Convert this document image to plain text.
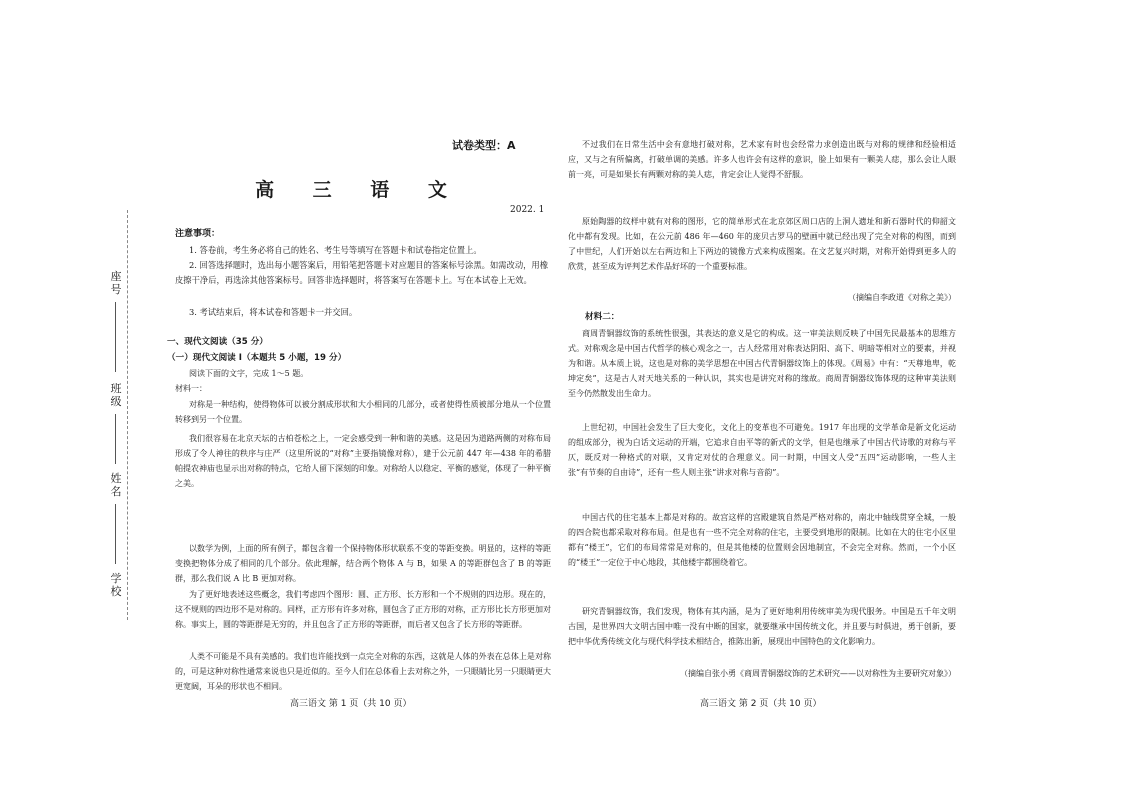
座号
班级
姓名
学校
试卷类型：A
高 三 语 文
2022. 1
注意事项：
1. 答卷前，考生务必将自己的姓名、考生号等填写在答题卡和试卷指定位置上。
2. 回答选择题时，选出每小题答案后，用铅笔把答题卡对应题目的答案标号涂黑。如需改动，用橡皮擦干净后，再选涂其他答案标号。回答非选择题时，将答案写在答题卡上。写在本试卷上无效。
3. 考试结束后，将本试卷和答题卡一并交回。
一、现代文阅读（35 分）
（一）现代文阅读 I（本题共 5 小题，19 分）
阅读下面的文字，完成 1～5 题。
材料一：
对称是一种结构，使得物体可以被分割成形状和大小相同的几部分，或者使得性质被部分地从一个位置转移到另一个位置。
我们很容易在北京天坛的古柏苍松之上，一定会感受到一种和谐的美感。这是因为道路两侧的对称布局形成了令人神往的秩序与庄严（这里所说的“对称”主要指镜像对称），建于公元前 447 年—438 年的希腊帕提农神庙也显示出对称的特点，它给人留下深刻的印象。对称给人以稳定、平衡的感觉，体现了一种平衡之美。
以数学为例，上面的所有例子，都包含着一个保持物体形状联系不变的等距变换。明显的，这样的等距变换把物体分成了相同的几个部分。依此理解，结合两个物体 A 与 B，如果 A 的等距群包含了 B 的等距群，那么我们说 A 比 B 更加对称。
为了更好地表述这些概念，我们考虑四个图形：圆、正方形、长方形和一个不规则的四边形。现在的，这不规则的四边形不是对称的。同样，正方形有许多对称，圆包含了正方形的对称，正方形比长方形更加对称。事实上，圆的等距群是无穷的，并且包含了正方形的等距群，而后者又包含了长方形的等距群。
人类不可能是不具有美感的。我们也许能找到一点完全对称的东西，这就是人体的外表在总体上是对称的，可是这种对称性通常来说也只是近似的。至今人们在总体看上去对称之外，一只眼睛比另一只眼睛更大更宽阔，耳朵的形状也不相同。
高三语文 第 1 页（共 10 页）
不过我们在日常生活中会有意地打破对称，艺术家有时也会经常力求创造出既与对称的规律和经验相适应，又与之有所偏离，打破单调的美感。许多人也许会有这样的意识，脸上如果有一颗美人痣，那么会让人眼前一亮，可是如果长有两颗对称的美人痣，肯定会让人觉得不舒服。
原始陶器的纹样中就有对称的图形，它的简单形式在北京郊区周口店的上洞人遗址和新石器时代的仰韶文化中都有发现。比如，在公元前 486 年—460 年的庞贝古罗马的壁画中就已经出现了完全对称的构图，而到了中世纪，人们开始以左右两边和上下两边的镜像方式来构成图案。在文艺复兴时期，对称开始得到更多人的欣赏，甚至成为评判艺术作品好坏的一个重要标准。
（摘编自李政道《对称之美》）
材料二：
商周青铜器纹饰的系统性很强，其表达的意义是它的构成。这一审美法则反映了中国先民最基本的思维方式。对称观念是中国古代哲学的核心观念之一，古人经常用对称表达阴阳、高下、明暗等相对立的要素，并视为和谐。从本质上说，这也是对称的美学思想在中国古代青铜器纹饰上的体现。《周易》中有：“天尊地卑，乾坤定矣”，这是古人对天地关系的一种认识，其实也是讲究对称的缘故。商周青铜器纹饰体现的这种审美法则至今仍然散发出生命力。
上世纪初，中国社会发生了巨大变化，文化上的变革也不可避免。1917 年出现的文学革命是新文化运动的组成部分，视为白话文运动的开端，它追求自由平等的新式的文学，但是也继承了中国古代诗歌的对称与平仄，既反对一种格式的对联，又肯定对仗的合理意义。同一时期，中国文人受“五四”运动影响，一些人主张“有节奏的自由诗”，还有一些人则主张“讲求对称与音韵”。
中国古代的住宅基本上都是对称的。故宫这样的宫殿建筑自然是严格对称的，南北中轴线贯穿全城，一般的四合院也都采取对称布局。但是也有一些不完全对称的住宅，主要受到地形的限制。比如在大的住宅小区里都有“楼王”，它们的布局常常是对称的，但是其他楼的位置则会因地制宜，不会完全对称。然而，一个小区的“楼王”一定位于中心地段，其他楼宇都围绕着它。
研究青铜器纹饰，我们发现，物体有其内涵，是为了更好地利用传统审美为现代服务。中国是五千年文明古国，是世界四大文明古国中唯一没有中断的国家，就要继承中国传统文化，并且要与时俱进，勇于创新，要把中华优秀传统文化与现代科学技术相结合，推陈出新，展现出中国特色的文化影响力。
（摘编自张小勇《商周青铜器纹饰的艺术研究——以对称性为主要研究对象》）
高三语文 第 2 页（共 10 页）
